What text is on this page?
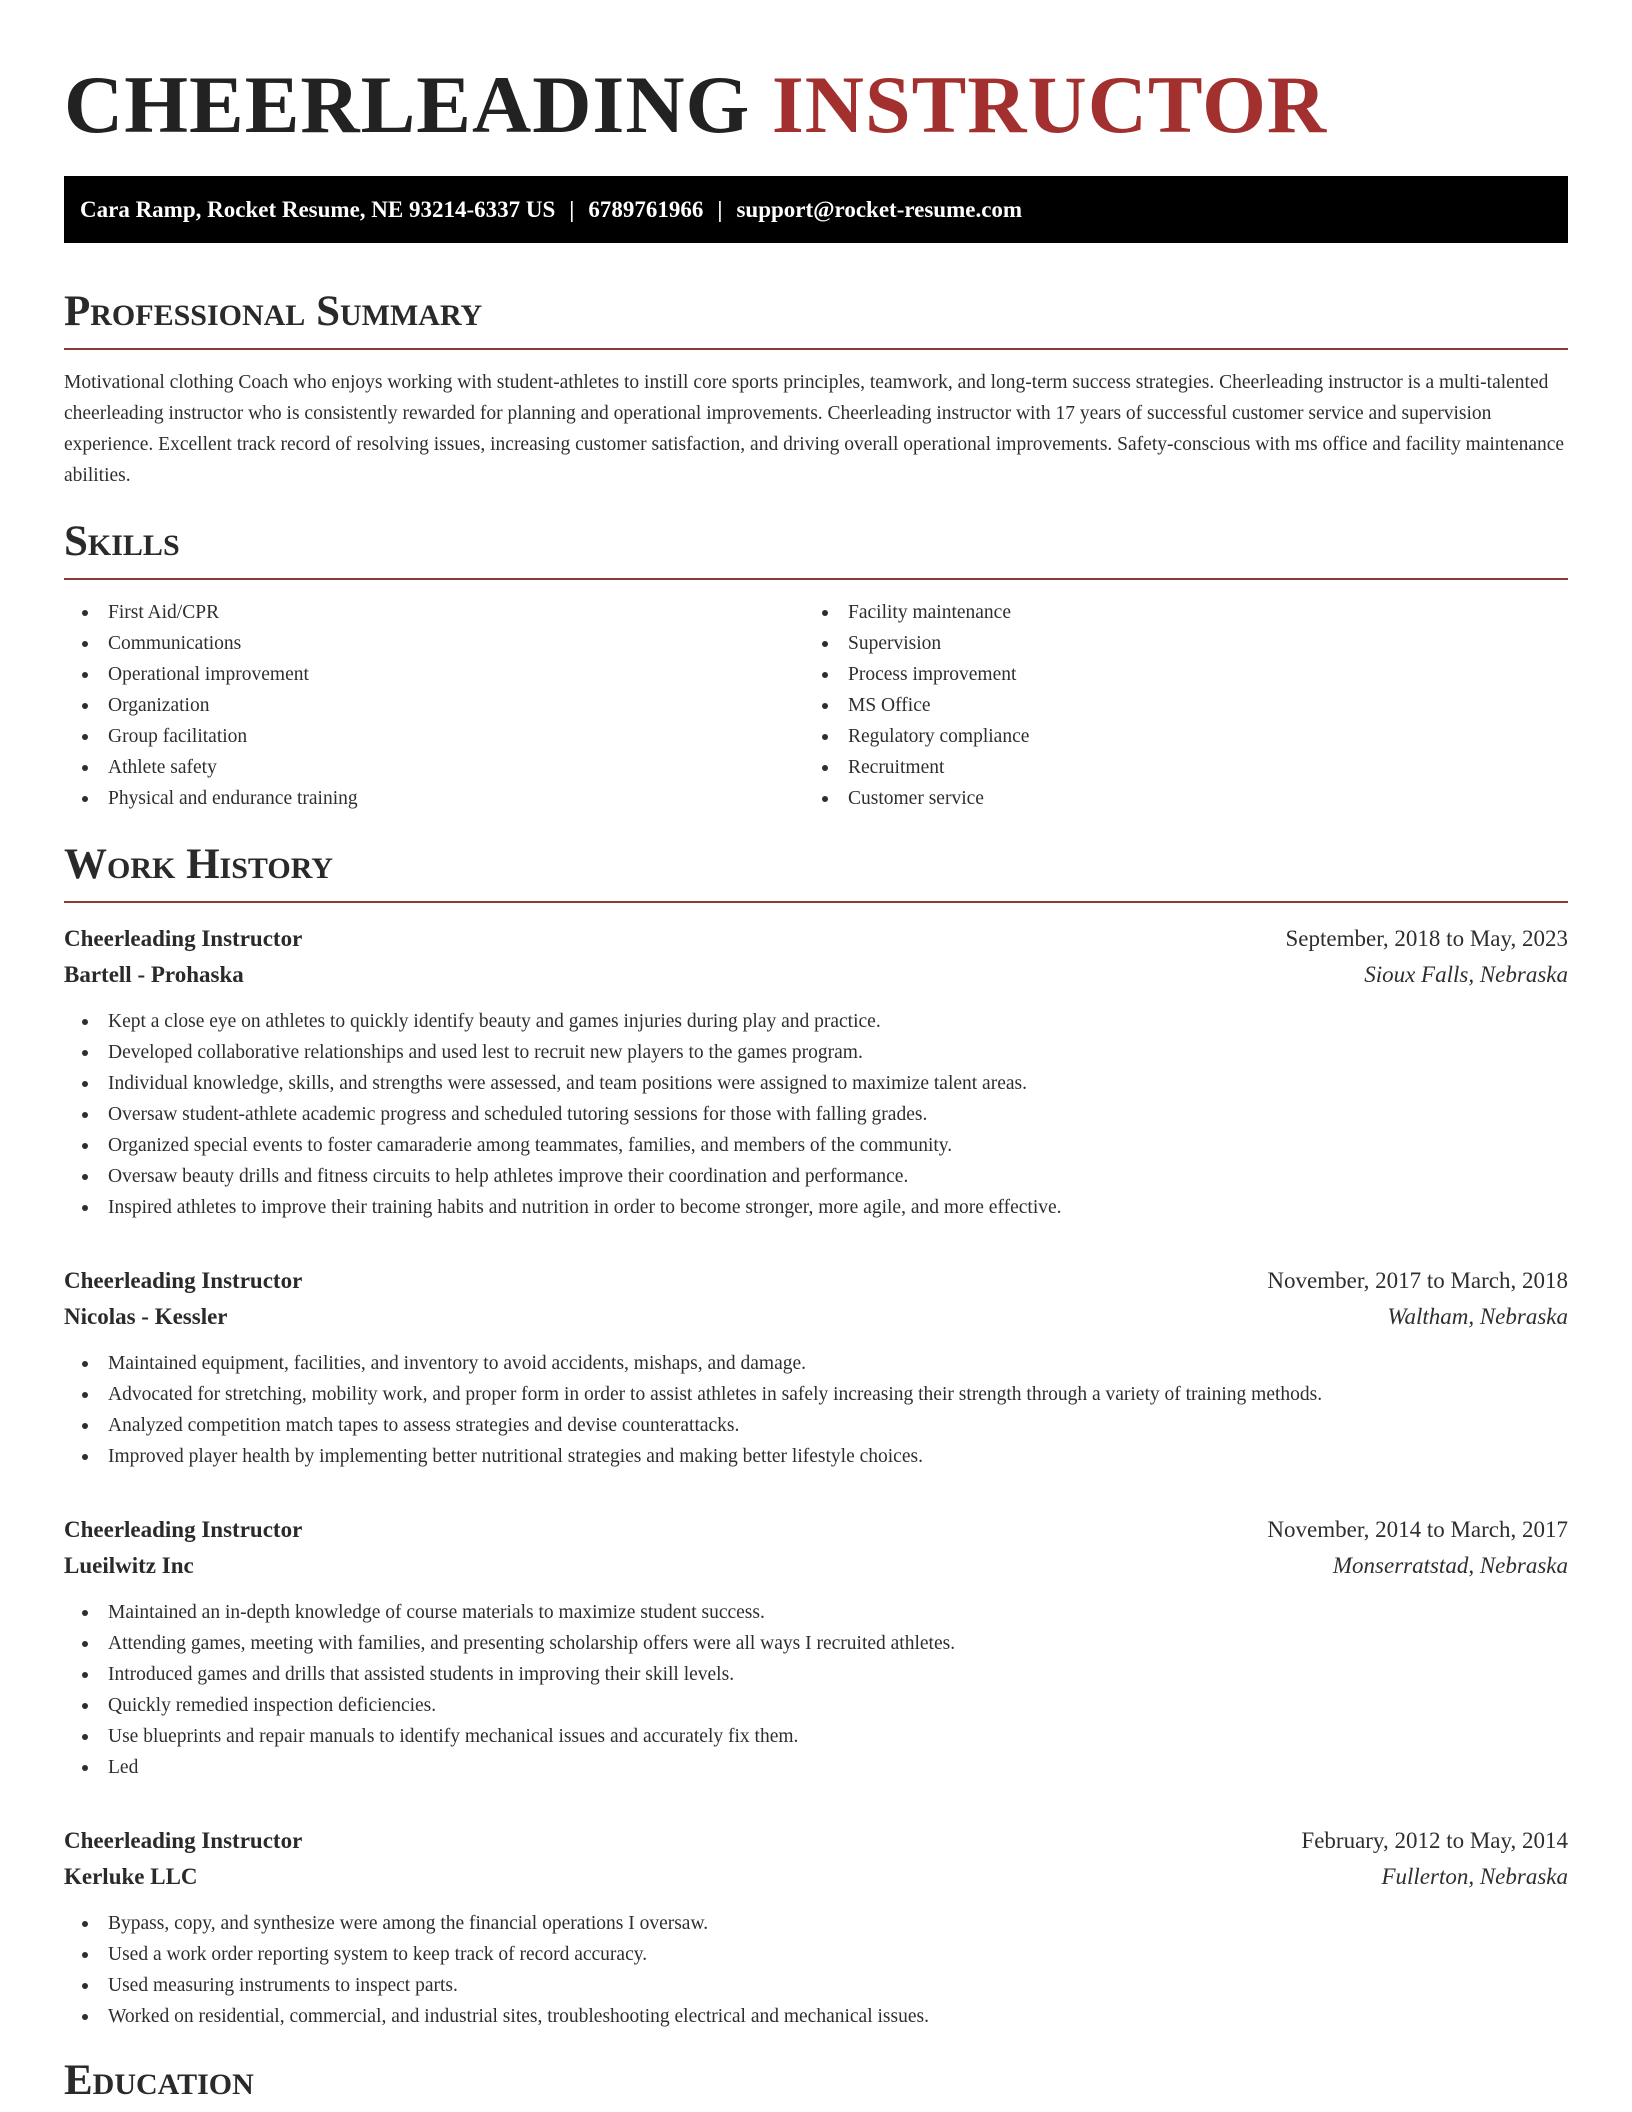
CHEERLEADING INSTRUCTOR
Cara Ramp, Rocket Resume, NE 93214-6337 US | 6789761966 | support@rocket-resume.com
Professional Summary

Motivational clothing Coach who enjoys working with student-athletes to instill core sports principles, teamwork, and long-term success strategies. Cheerleading instructor is a multi-talented cheerleading instructor who is consistently rewarded for planning and operational improvements. Cheerleading instructor with 17 years of successful customer service and supervision experience. Excellent track record of resolving issues, increasing customer satisfaction, and driving overall operational improvements. Safety-conscious with ms office and facility maintenance abilities.

Skills
First Aid/CPR
Communications
Operational improvement
Organization
Group facilitation
Athlete safety
Physical and endurance training
Facility maintenance
Supervision
Process improvement
MS Office
Regulatory compliance
Recruitment
Customer service
Work History
Cheerleading Instructor	September, 2018 to May, 2023
Bartell - Prohaska	Sioux Falls, Nebraska
Kept a close eye on athletes to quickly identify beauty and games injuries during play and practice.
Developed collaborative relationships and used lest to recruit new players to the games program.
Individual knowledge, skills, and strengths were assessed, and team positions were assigned to maximize talent areas.
Oversaw student-athlete academic progress and scheduled tutoring sessions for those with falling grades.
Organized special events to foster camaraderie among teammates, families, and members of the community.
Oversaw beauty drills and fitness circuits to help athletes improve their coordination and performance.
Inspired athletes to improve their training habits and nutrition in order to become stronger, more agile, and more effective.
Cheerleading Instructor	November, 2017 to March, 2018
Nicolas - Kessler	Waltham, Nebraska
Maintained equipment, facilities, and inventory to avoid accidents, mishaps, and damage.
Advocated for stretching, mobility work, and proper form in order to assist athletes in safely increasing their strength through a variety of training methods.
Analyzed competition match tapes to assess strategies and devise counterattacks.
Improved player health by implementing better nutritional strategies and making better lifestyle choices.
Cheerleading Instructor	November, 2014 to March, 2017
Lueilwitz Inc	Monserratstad, Nebraska
Maintained an in-depth knowledge of course materials to maximize student success.
Attending games, meeting with families, and presenting scholarship offers were all ways I recruited athletes.
Introduced games and drills that assisted students in improving their skill levels.
Quickly remedied inspection deficiencies.
Use blueprints and repair manuals to identify mechanical issues and accurately fix them.
Led
Cheerleading Instructor	February, 2012 to May, 2014
Kerluke LLC	Fullerton, Nebraska
Bypass, copy, and synthesize were among the financial operations I oversaw.
Used a work order reporting system to keep track of record accuracy.
Used measuring instruments to inspect parts.
Worked on residential, commercial, and industrial sites, troubleshooting electrical and mechanical issues.
Education
